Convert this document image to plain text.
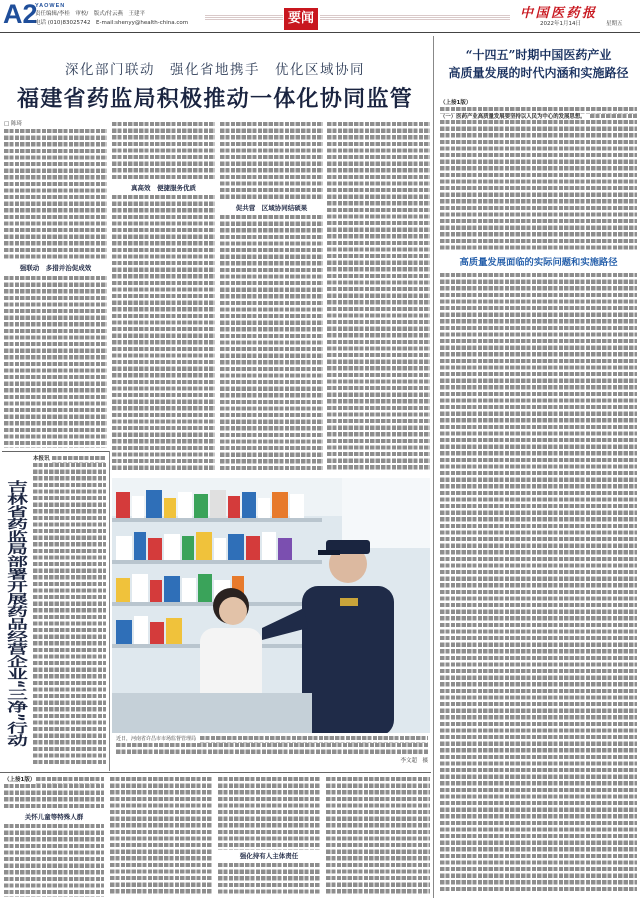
A2
YAOWEN
责任编辑/李桂　审校/　版式/付云燕　王建平
电话 (010)83025742　E-mail:shenyy@health-china.com	要闻	中国医药报
2022年1月14日	星期五
深化部门联动　强化省地携手　优化区域协同
福建省药监局积极推动一体化协同监管
□ 陈琦
强联动　多措并治促成效
真高效　便捷服务优质
促共营　区域协同结硕果
近日，河南省许昌市市场监督管理局
李文超　摄
吉林省药监局部署开展药品经营企业“三净”行动
本报讯
（上接1版）
关怀儿童等特殊人群
强化持有人主体责任
“十四五”时期中国医药产业
高质量发展的时代内涵和实施路径
（上接1版）
（一）医药产业高质量发展要坚持以人民为中心的发展思想。
高质量发展面临的实际问题和实施路径
